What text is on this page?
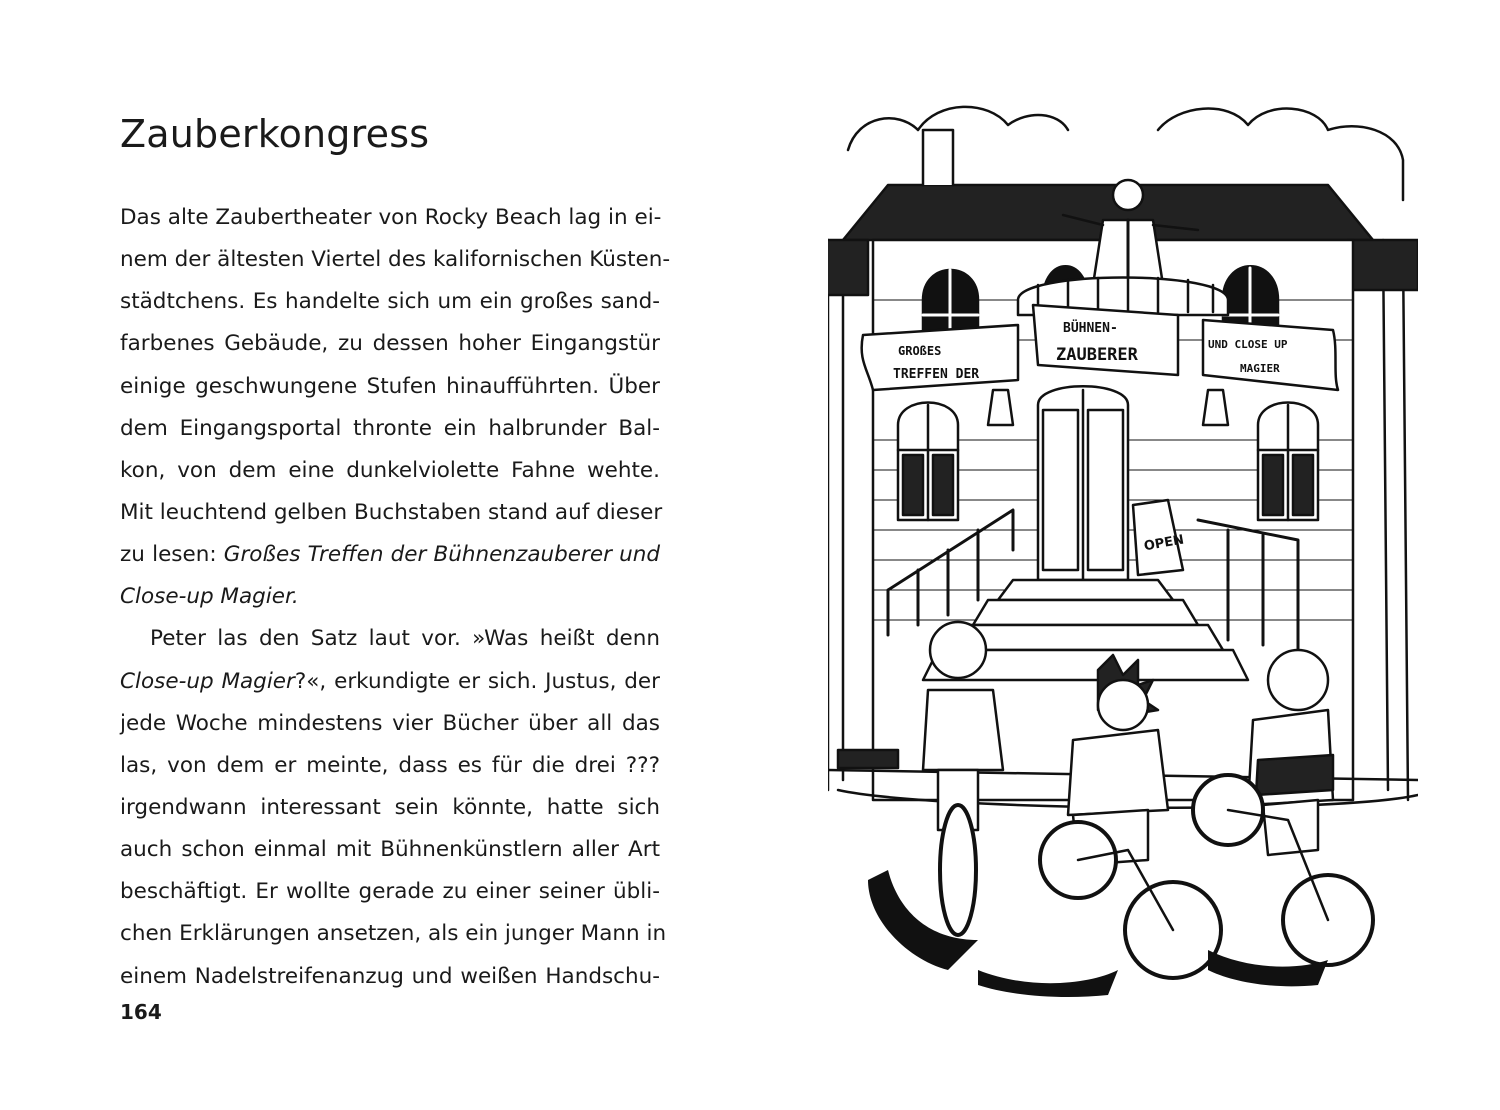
Zauberkongress
Das alte Zaubertheater von Rocky Beach lag in ei-
nem der ältesten Viertel des kalifornischen Küsten-
städtchens. Es handelte sich um ein großes sand-
farbenes Gebäude, zu dessen hoher Eingangstür
einige geschwungene Stufen hinaufführten. Über
dem Eingangsportal thronte ein halbrunder Bal-
kon, von dem eine dunkelviolette Fahne wehte.
Mit leuchtend gelben Buchstaben stand auf dieser
zu lesen: Großes Treffen der Bühnenzauberer und
Close-up Magier.
Peter las den Satz laut vor. »Was heißt denn
Close-up Magier?«, erkundigte er sich. Justus, der
jede Woche mindestens vier Bücher über all das
las, von dem er meinte, dass es für die drei ???
irgendwann interessant sein könnte, hatte sich
auch schon einmal mit Bühnenkünstlern aller Art
beschäftigt. Er wollte gerade zu einer seiner übli-
chen Erklärungen ansetzen, als ein junger Mann in
einem Nadelstreifenanzug und weißen Handschu-
164
GROßES
TREFFEN DER
BÜHNEN-
ZAUBERER
UND CLOSE UP
MAGIER
OPEN
